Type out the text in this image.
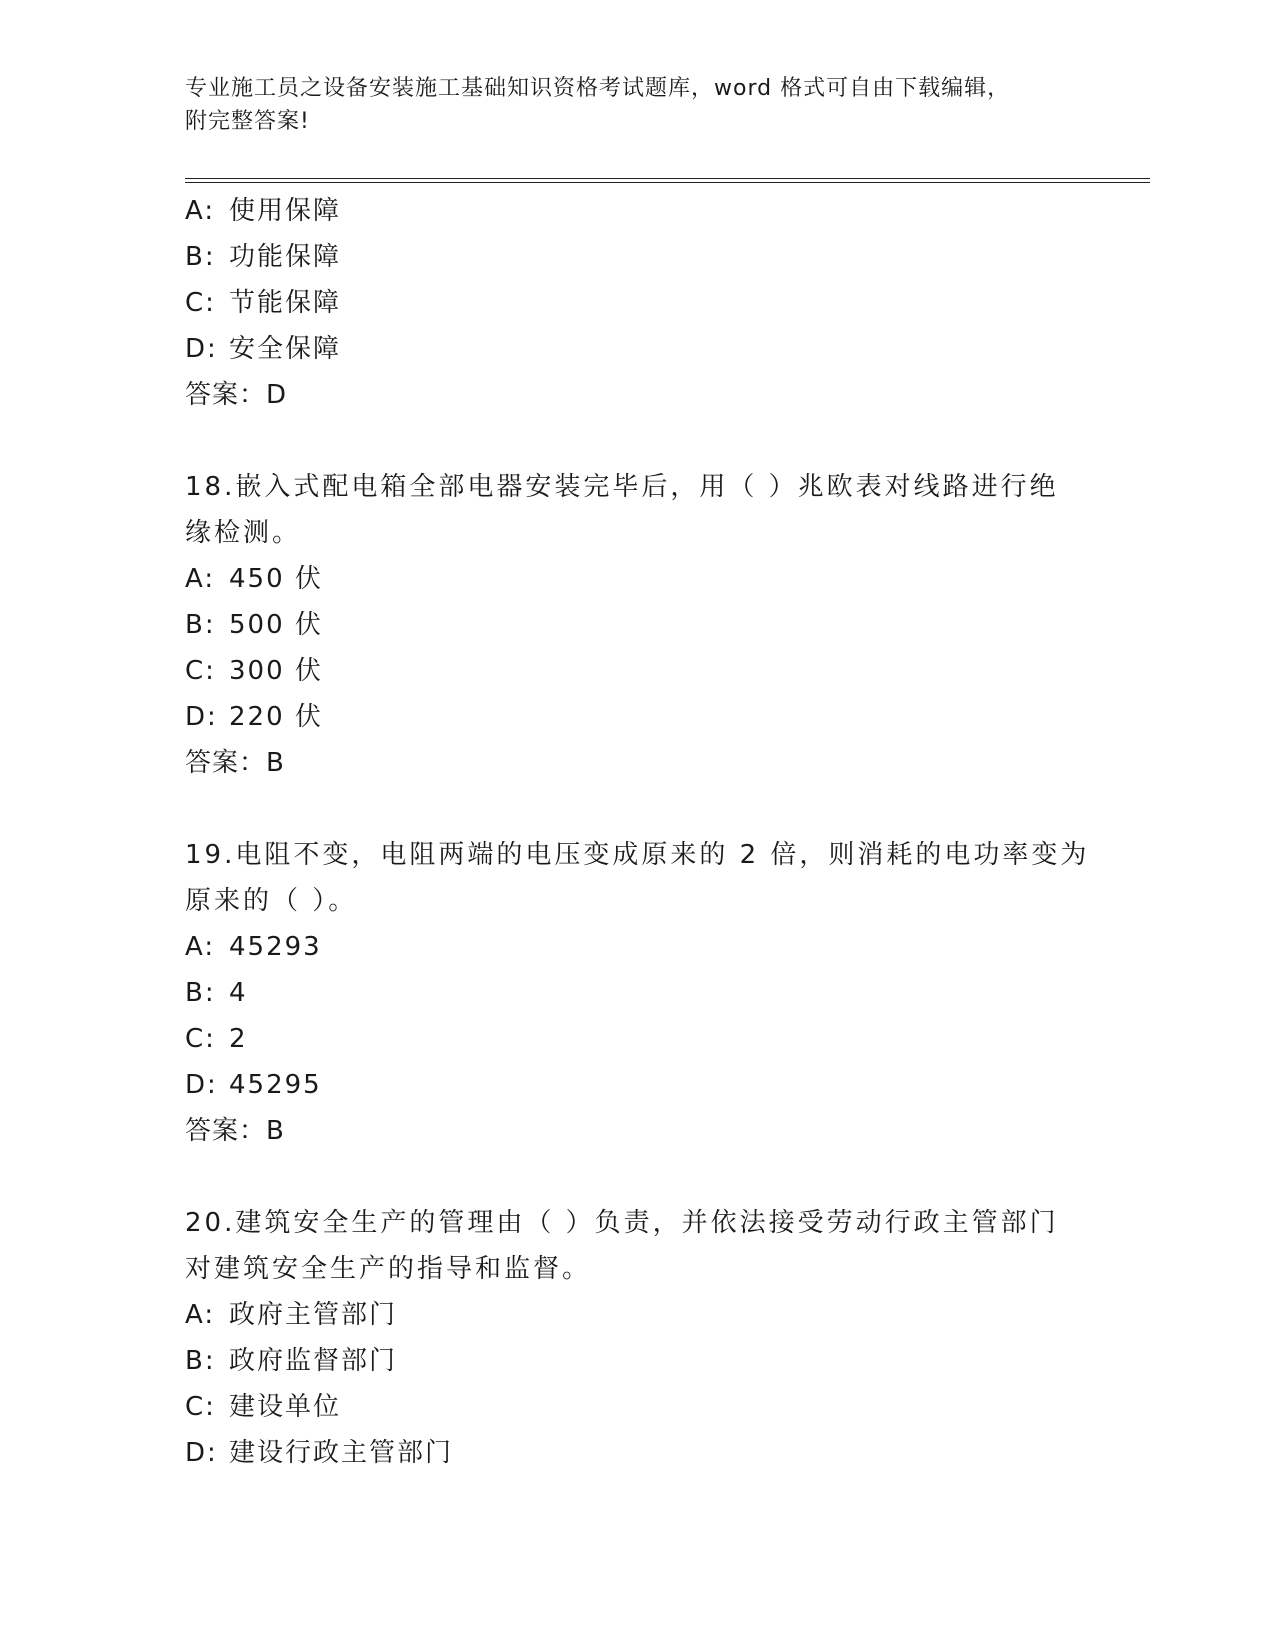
专业施工员之设备安装施工基础知识资格考试题库，word 格式可自由下载编辑，
附完整答案!
A: 使用保障
B: 功能保障
C: 节能保障
D: 安全保障
答案：D
18.嵌入式配电箱全部电器安装完毕后，用（ ）兆欧表对线路进行绝
缘检测。
A: 450 伏
B: 500 伏
C: 300 伏
D: 220 伏
答案：B
19.电阻不变，电阻两端的电压变成原来的 2 倍，则消耗的电功率变为
原来的（ ）。
A: 45293
B: 4
C: 2
D: 45295
答案：B
20.建筑安全生产的管理由（ ）负责，并依法接受劳动行政主管部门
对建筑安全生产的指导和监督。
A: 政府主管部门
B: 政府监督部门
C: 建设单位
D: 建设行政主管部门
